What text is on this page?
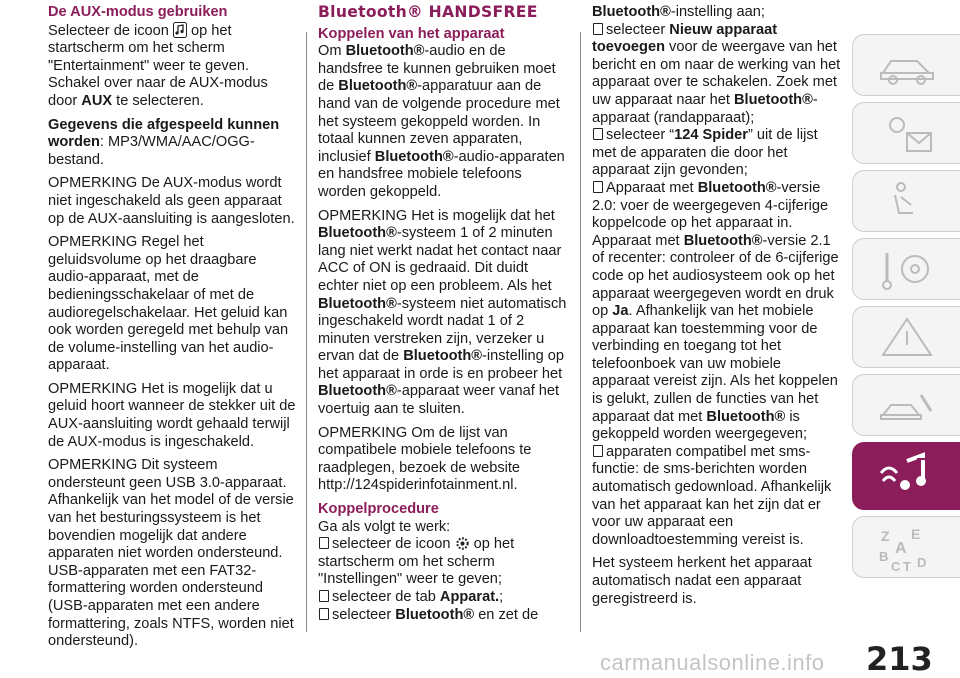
De AUX-modus gebruiken

Selecteer de icoon op het startscherm om het scherm "Entertainment" weer te geven. Schakel over naar de AUX-modus door AUX te selecteren.

Gegevens die afgespeeld kunnen worden: MP3/WMA/AAC/OGG-bestand.

OPMERKING De AUX-modus wordt niet ingeschakeld als geen apparaat op de AUX-aansluiting is aangesloten.

OPMERKING Regel het geluidsvolume op het draagbare audio-apparaat, met de bedieningsschakelaar of met de audioregelschakelaar. Het geluid kan ook worden geregeld met behulp van de volume-instelling van het audio-apparaat.

OPMERKING Het is mogelijk dat u geluid hoort wanneer de stekker uit de AUX-aansluiting wordt gehaald terwijl de AUX-modus is ingeschakeld.

OPMERKING Dit systeem ondersteunt geen USB 3.0-apparaat. Afhankelijk van het model of de versie van het besturingssysteem is het bovendien mogelijk dat andere apparaten niet worden ondersteund. USB-apparaten met een FAT32-formattering worden ondersteund (USB-apparaten met een andere formattering, zoals NTFS, worden niet ondersteund).

Bluetooth® HANDSFREE

Koppelen van het apparaat

Om Bluetooth®-audio en de handsfree te kunnen gebruiken moet de Bluetooth®-apparatuur aan de hand van de volgende procedure met het systeem gekoppeld worden. In totaal kunnen zeven apparaten, inclusief Bluetooth®-audio-apparaten en handsfree mobiele telefoons worden gekoppeld.

OPMERKING Het is mogelijk dat het Bluetooth®-systeem 1 of 2 minuten lang niet werkt nadat het contact naar ACC of ON is gedraaid. Dit duidt echter niet op een probleem. Als het Bluetooth®-systeem niet automatisch ingeschakeld wordt nadat 1 of 2 minuten verstreken zijn, verzeker u ervan dat de Bluetooth®-instelling op het apparaat in orde is en probeer het Bluetooth®-apparaat weer vanaf het voertuig aan te sluiten.

OPMERKING Om de lijst van compatibele mobiele telefoons te raadplegen, bezoek de website http://124spiderinfotainment.nl.

Koppelprocedure

Ga als volgt te werk:

selecteer de icoon op het startscherm om het scherm "Instellingen" weer te geven;
selecteer de tab Apparat.;
selecteer Bluetooth® en zet de
Bluetooth®-instelling aan;
selecteer Nieuw apparaat toevoegen voor de weergave van het bericht en om naar de werking van het apparaat over te schakelen. Zoek met uw apparaat naar het Bluetooth®-apparaat (randapparaat);
selecteer “124 Spider” uit de lijst met de apparaten die door het apparaat zijn gevonden;
Apparaat met Bluetooth®-versie 2.0: voer de weergegeven 4-cijferige koppelcode op het apparaat in. Apparaat met Bluetooth®-versie 2.1 of recenter: controleer of de 6-cijferige code op het audiosysteem ook op het apparaat weergegeven wordt en druk op Ja. Afhankelijk van het mobiele apparaat kan toestemming voor de verbinding en toegang tot het telefoonboek van uw mobiele apparaat vereist zijn. Als het koppelen is gelukt, zullen de functies van het apparaat dat met Bluetooth® is gekoppeld worden weergegeven;
apparaten compatibel met sms-functie: de sms-berichten worden automatisch gedownload. Afhankelijk van het apparaat kan het zijn dat er voor uw apparaat een downloadtoestemming vereist is.

Het systeem herkent het apparaat automatisch nadat een apparaat geregistreerd is.

Z E
A
B
C T D
213
carmanualsonline.info
